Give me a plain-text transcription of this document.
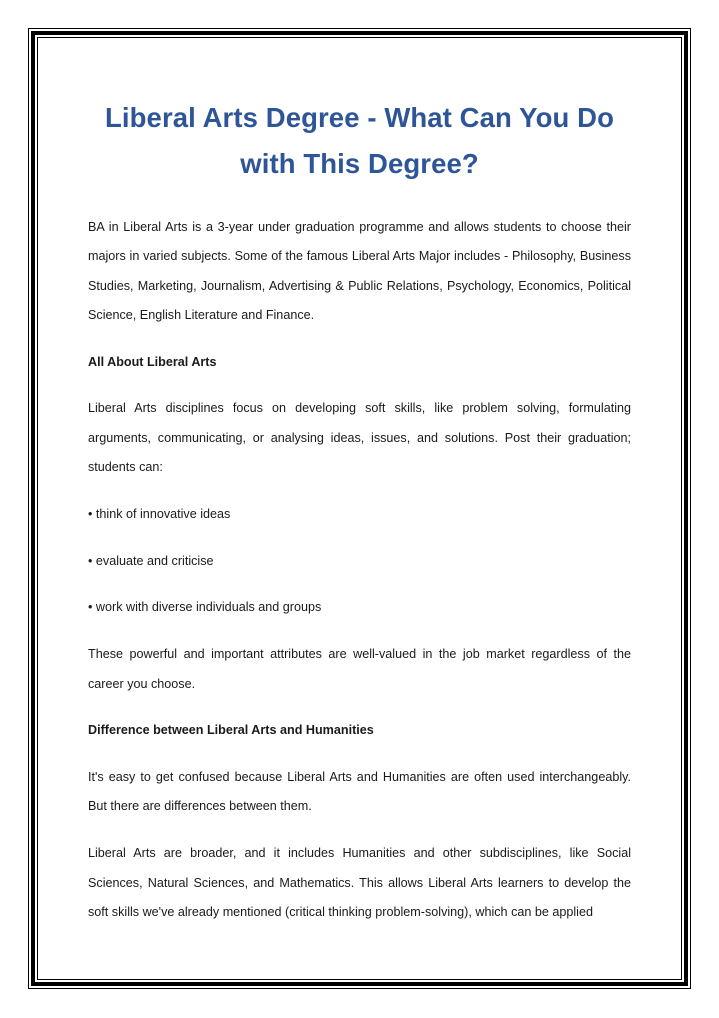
Liberal Arts Degree - What Can You Do with This Degree?

BA in Liberal Arts is a 3-year under graduation programme and allows students to choose their majors in varied subjects. Some of the famous Liberal Arts Major includes - Philosophy, Business Studies, Marketing, Journalism, Advertising & Public Relations, Psychology, Economics, Political Science, English Literature and Finance.

All About Liberal Arts

Liberal Arts disciplines focus on developing soft skills, like problem solving, formulating arguments, communicating, or analysing ideas, issues, and solutions. Post their graduation; students can:

• think of innovative ideas

• evaluate and criticise

• work with diverse individuals and groups

These powerful and important attributes are well-valued in the job market regardless of the career you choose.

Difference between Liberal Arts and Humanities

It's easy to get confused because Liberal Arts and Humanities are often used interchangeably. But there are differences between them.

Liberal Arts are broader, and it includes Humanities and other subdisciplines, like Social Sciences, Natural Sciences, and Mathematics. This allows Liberal Arts learners to develop the soft skills we've already mentioned (critical thinking problem-solving), which can be applied
